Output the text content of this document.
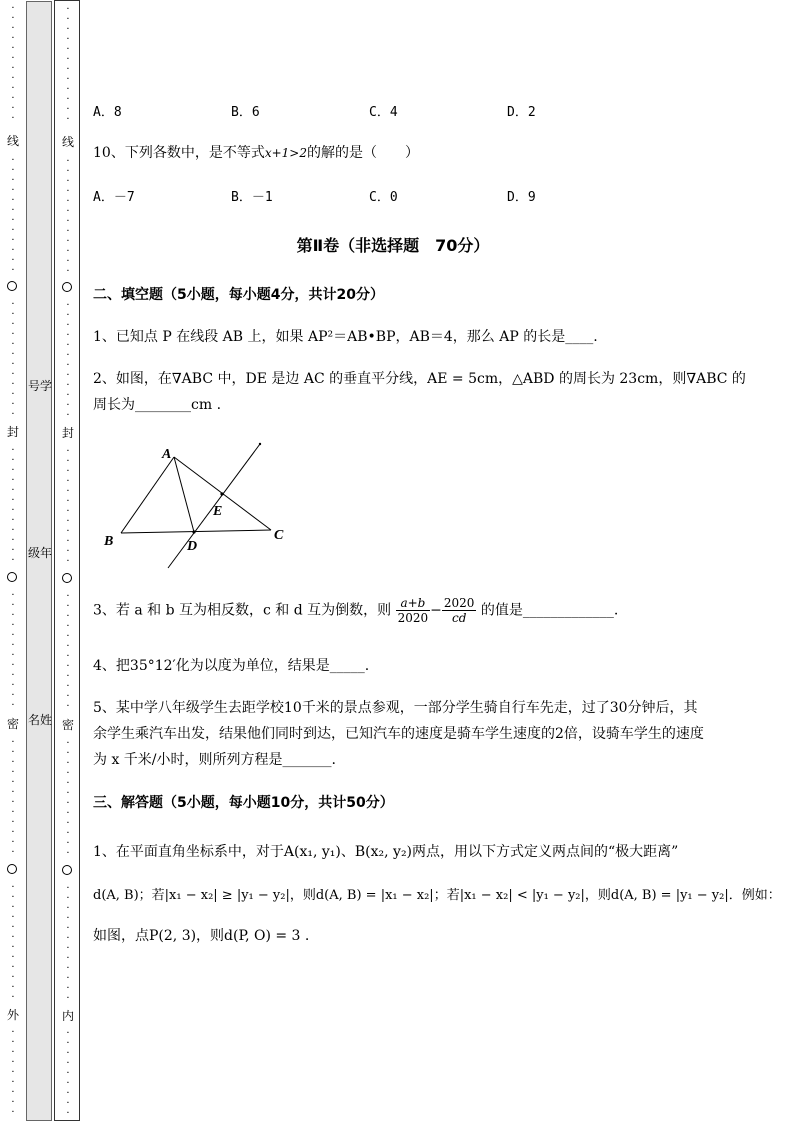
·
·
·
·
·
·
·
·
·
·
·
·

线
·
·
·
·
·
·
·
·
·
·
·
·

·
·
·
·
·
·
·
·
·
·
·
·

封
·
·
·
·
·
·
·
·
·
·
·
·

·
·
·
·
·
·
·
·
·
·
·
·

密
·
·
·
·
·
·
·
·
·
·
·
·

·
·
·
·
·
·
·
·
·
·
·
·

外
·
·
·
·
·
·
·
·
·

号学
级年
名姓
·
·
·
·
·
·
·
·
·
·
·
·

线
·
·
·
·
·
·
·
·
·
·
·
·

·
·
·
·
·
·
·
·
·
·
·
·

封
·
·
·
·
·
·
·
·
·
·
·
·

·
·
·
·
·
·
·
·
·
·
·
·

密
·
·
·
·
·
·
·
·
·
·
·
·

·
·
·
·
·
·
·
·
·
·
·
·

内
·
·
·
·
·
·
·
·
·

A．8	B．6	C．4	D．2
10、下列各数中，是不等式x+1>2的解的是（　　）
A．－7	B．－1	C．0	D．9
第Ⅱ卷（非选择题　70分）
二、填空题（5小题，每小题4分，共计20分）
1、已知点 P 在线段 AB 上，如果 AP²＝AB•BP，AB＝4，那么 AP 的长是____.
2、如图，在∇ABC 中，DE 是边 AC 的垂直平分线，AE = 5cm，△ABD 的周长为 23cm，则∇ABC 的
周长为________cm .
A
B	C
D
E
3、若 a 和 b 互为相反数，c 和 d 互为倒数，则 $\frac{a+b}{2020} - \frac{2020}{cd}$ 的值是_____________.
4、把35°12′化为以度为单位，结果是_____.
5、某中学八年级学生去距学校10千米的景点参观，一部分学生骑自行车先走，过了30分钟后，其
余学生乘汽车出发，结果他们同时到达，已知汽车的速度是骑车学生速度的2倍，设骑车学生的速度
为 x 千米/小时，则所列方程是_______.
三、解答题（5小题，每小题10分，共计50分）
1、在平面直角坐标系中，对于A(x₁, y₁)、B(x₂, y₂)两点，用以下方式定义两点间的“极大距离”
d(A, B)；若|x₁ − x₂| ≥ |y₁ − y₂|，则d(A, B) = |x₁ − x₂|；若|x₁ − x₂| < |y₁ − y₂|，则d(A, B) = |y₁ − y₂|．例如：
如图，点P(2, 3)，则d(P, O) = 3 .
